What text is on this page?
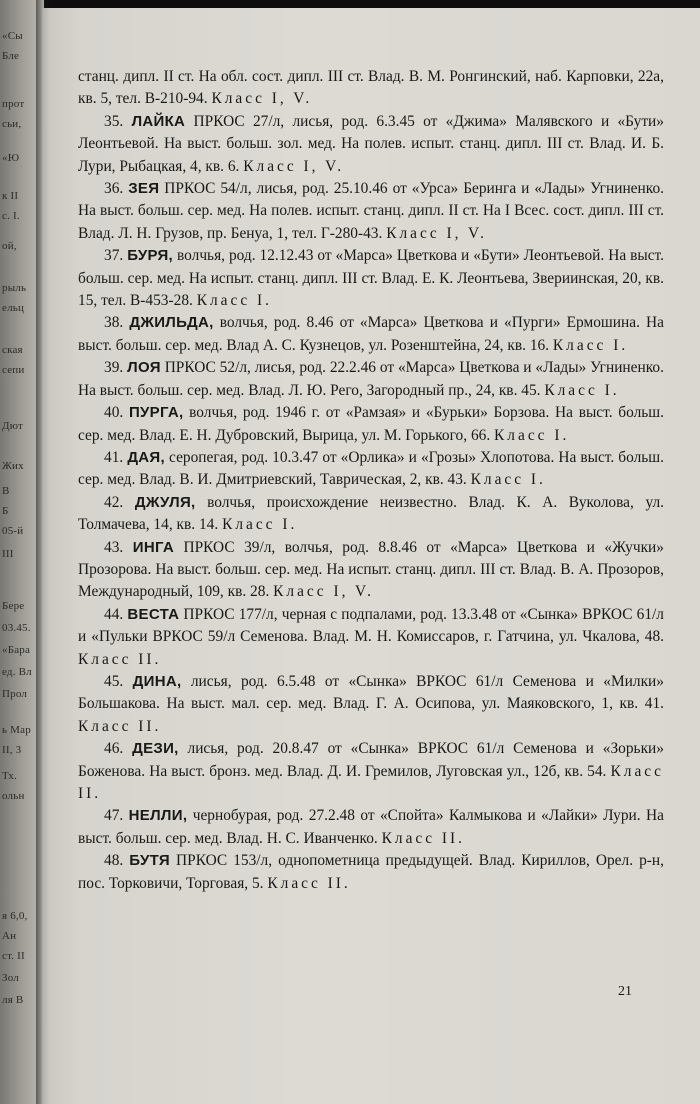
«Сы
Бле
прот
сьи,
«Ю
к II
с. I.
ой,
рыль
ельц
ская
сепи
Дют
Жих
В
Б
05-й
III
Бере
03.45.
«Бара
ед. Вл
Прол
ь Мар
II, 3
Тх.
ольн
я 6,0,
Ан
ст. ІІ
Зол
ля В

станц. дипл. II ст. На обл. сост. дипл. III ст. Влад. В. М. Ронгинский, наб. Карповки, 22а, кв. 5, тел. В-210-94. Класс I, V.

35. ЛАЙКА ПРКОС 27/л, лисья, род. 6.3.45 от «Джима» Малявского и «Бути» Леонтьевой. На выст. больш. зол. мед. На полев. испыт. станц. дипл. III ст. Влад. И. Б. Лури, Рыбацкая, 4, кв. 6. Класс I, V.

36. ЗЕЯ ПРКОС 54/л, лисья, род. 25.10.46 от «Урса» Беринга и «Лады» Угниненко. На выст. больш. сер. мед. На полев. испыт. станц. дипл. II ст. На I Всес. сост. дипл. III ст. Влад. Л. Н. Грузов, пр. Бенуа, 1, тел. Г-280-43. Класс I, V.

37. БУРЯ, волчья, род. 12.12.43 от «Марса» Цветкова и «Бути» Леонтьевой. На выст. больш. сер. мед. На испыт. станц. дипл. III ст. Влад. Е. К. Леонтьева, Звериинская, 20, кв. 15, тел. В-453-28. Класс I.

38. ДЖИЛЬДА, волчья, род. 8.46 от «Марса» Цветкова и «Пурги» Ермошина. На выст. больш. сер. мед. Влад А. С. Кузнецов, ул. Розенштейна, 24, кв. 16. Класс I.

39. ЛОЯ ПРКОС 52/л, лисья, род. 22.2.46 от «Марса» Цветкова и «Лады» Угниненко. На выст. больш. сер. мед. Влад. Л. Ю. Рего, Загородный пр., 24, кв. 45. Класс I.

40. ПУРГА, волчья, род. 1946 г. от «Рамзая» и «Бурьки» Борзова. На выст. больш. сер. мед. Влад. Е. Н. Дубровский, Вырица, ул. М. Горького, 66. Класс I.

41. ДАЯ, серопегая, род. 10.3.47 от «Орлика» и «Грозы» Хлопотова. На выст. больш. сер. мед. Влад. В. И. Дмитриевский, Таврическая, 2, кв. 43. Класс I.

42. ДЖУЛЯ, волчья, происхождение неизвестно. Влад. К. А. Вуколова, ул. Толмачева, 14, кв. 14. Класс I.

43. ИНГА ПРКОС 39/л, волчья, род. 8.8.46 от «Марса» Цветкова и «Жучки» Прозорова. На выст. больш. сер. мед. На испыт. станц. дипл. III ст. Влад. В. А. Прозоров, Международный, 109, кв. 28. Класс I, V.

44. ВЕСТА ПРКОС 177/л, черная с подпалами, род. 13.3.48 от «Сынка» ВРКОС 61/л и «Пульки ВРКОС 59/л Семенова. Влад. М. Н. Комиссаров, г. Гатчина, ул. Чкалова, 48. Класс II.

45. ДИНА, лисья, род. 6.5.48 от «Сынка» ВРКОС 61/л Семенова и «Милки» Большакова. На выст. мал. сер. мед. Влад. Г. А. Осипова, ул. Маяковского, 1, кв. 41. Класс II.

46. ДЕЗИ, лисья, род. 20.8.47 от «Сынка» ВРКОС 61/л Семенова и «Зорьки» Боженова. На выст. бронз. мед. Влад. Д. И. Гремилов, Луговская ул., 12б, кв. 54. Класс II.

47. НЕЛЛИ, чернобурая, род. 27.2.48 от «Спойта» Калмыкова и «Лайки» Лури. На выст. больш. сер. мед. Влад. Н. С. Иванченко. Класс II.

48. БУТЯ ПРКОС 153/л, однопометница предыдущей. Влад. Кириллов, Орел. р-н, пос. Торковичи, Торговая, 5. Класс II.

21
